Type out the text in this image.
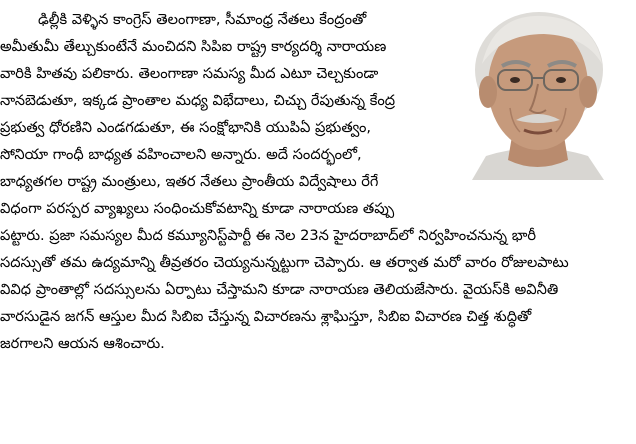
ఢిల్లీకి వెళ్ళిన కాంగ్రెస్ తెలంగాణా, సీమాంధ్ర నేతలు కేంద్రంతో
అమీతుమీ తేల్చుకుంటేనే మంచిదని సిపిఐ రాష్ట్ర కార్యదర్శి నారాయణ
వారికి హితవు పలికారు. తెలంగాణా సమస్య మీద ఎటూ చెల్చకుండా
నానబెడుతూ, ఇక్కడ ప్రాంతాల మధ్య విభేదాలు, చిచ్చు రేపుతున్న కేంద్ర
ప్రభుత్వ ధోరణిని ఎండగడుతూ, ఈ సంక్షోభానికి యుపిఏ ప్రభుత్వం,
సోనియా గాంధీ బాధ్యత వహించాలని అన్నారు. అదే సందర్భంలో,
బాధ్యతగల రాష్ట్ర మంత్రులు, ఇతర నేతలు ప్రాంతీయ విద్వేషాలు రేగే
విధంగా పరస్పర వ్యాఖ్యలు సంధించుకోవటాన్ని కూడా నారాయణ తప్పు
పట్టారు. ప్రజా సమస్యల మీద కమ్యూనిస్ట్‌పార్టీ ఈ నెల 23న హైదరాబాద్‌లో నిర్వహించనున్న భారీ
సదస్సుతో తమ ఉద్యమాన్ని తీవ్రతరం చెయ్యనున్నట్టుగా చెప్పారు. ఆ తర్వాత మరో వారం రోజులపాటు
వివిధ ప్రాంతాల్లో సదస్సులను ఏర్పాటు చేస్తామని కూడా నారాయణ తెలియజేసారు. వైయస్‌కి అవినీతి
వారసుడైన జగన్ ఆస్తుల మీద సిబిఐ చేస్తున్న విచారణను శ్లాఘిస్తూ, సిబిఐ విచారణ చిత్త శుద్ధితో
జరగాలని ఆయన ఆశించారు.
